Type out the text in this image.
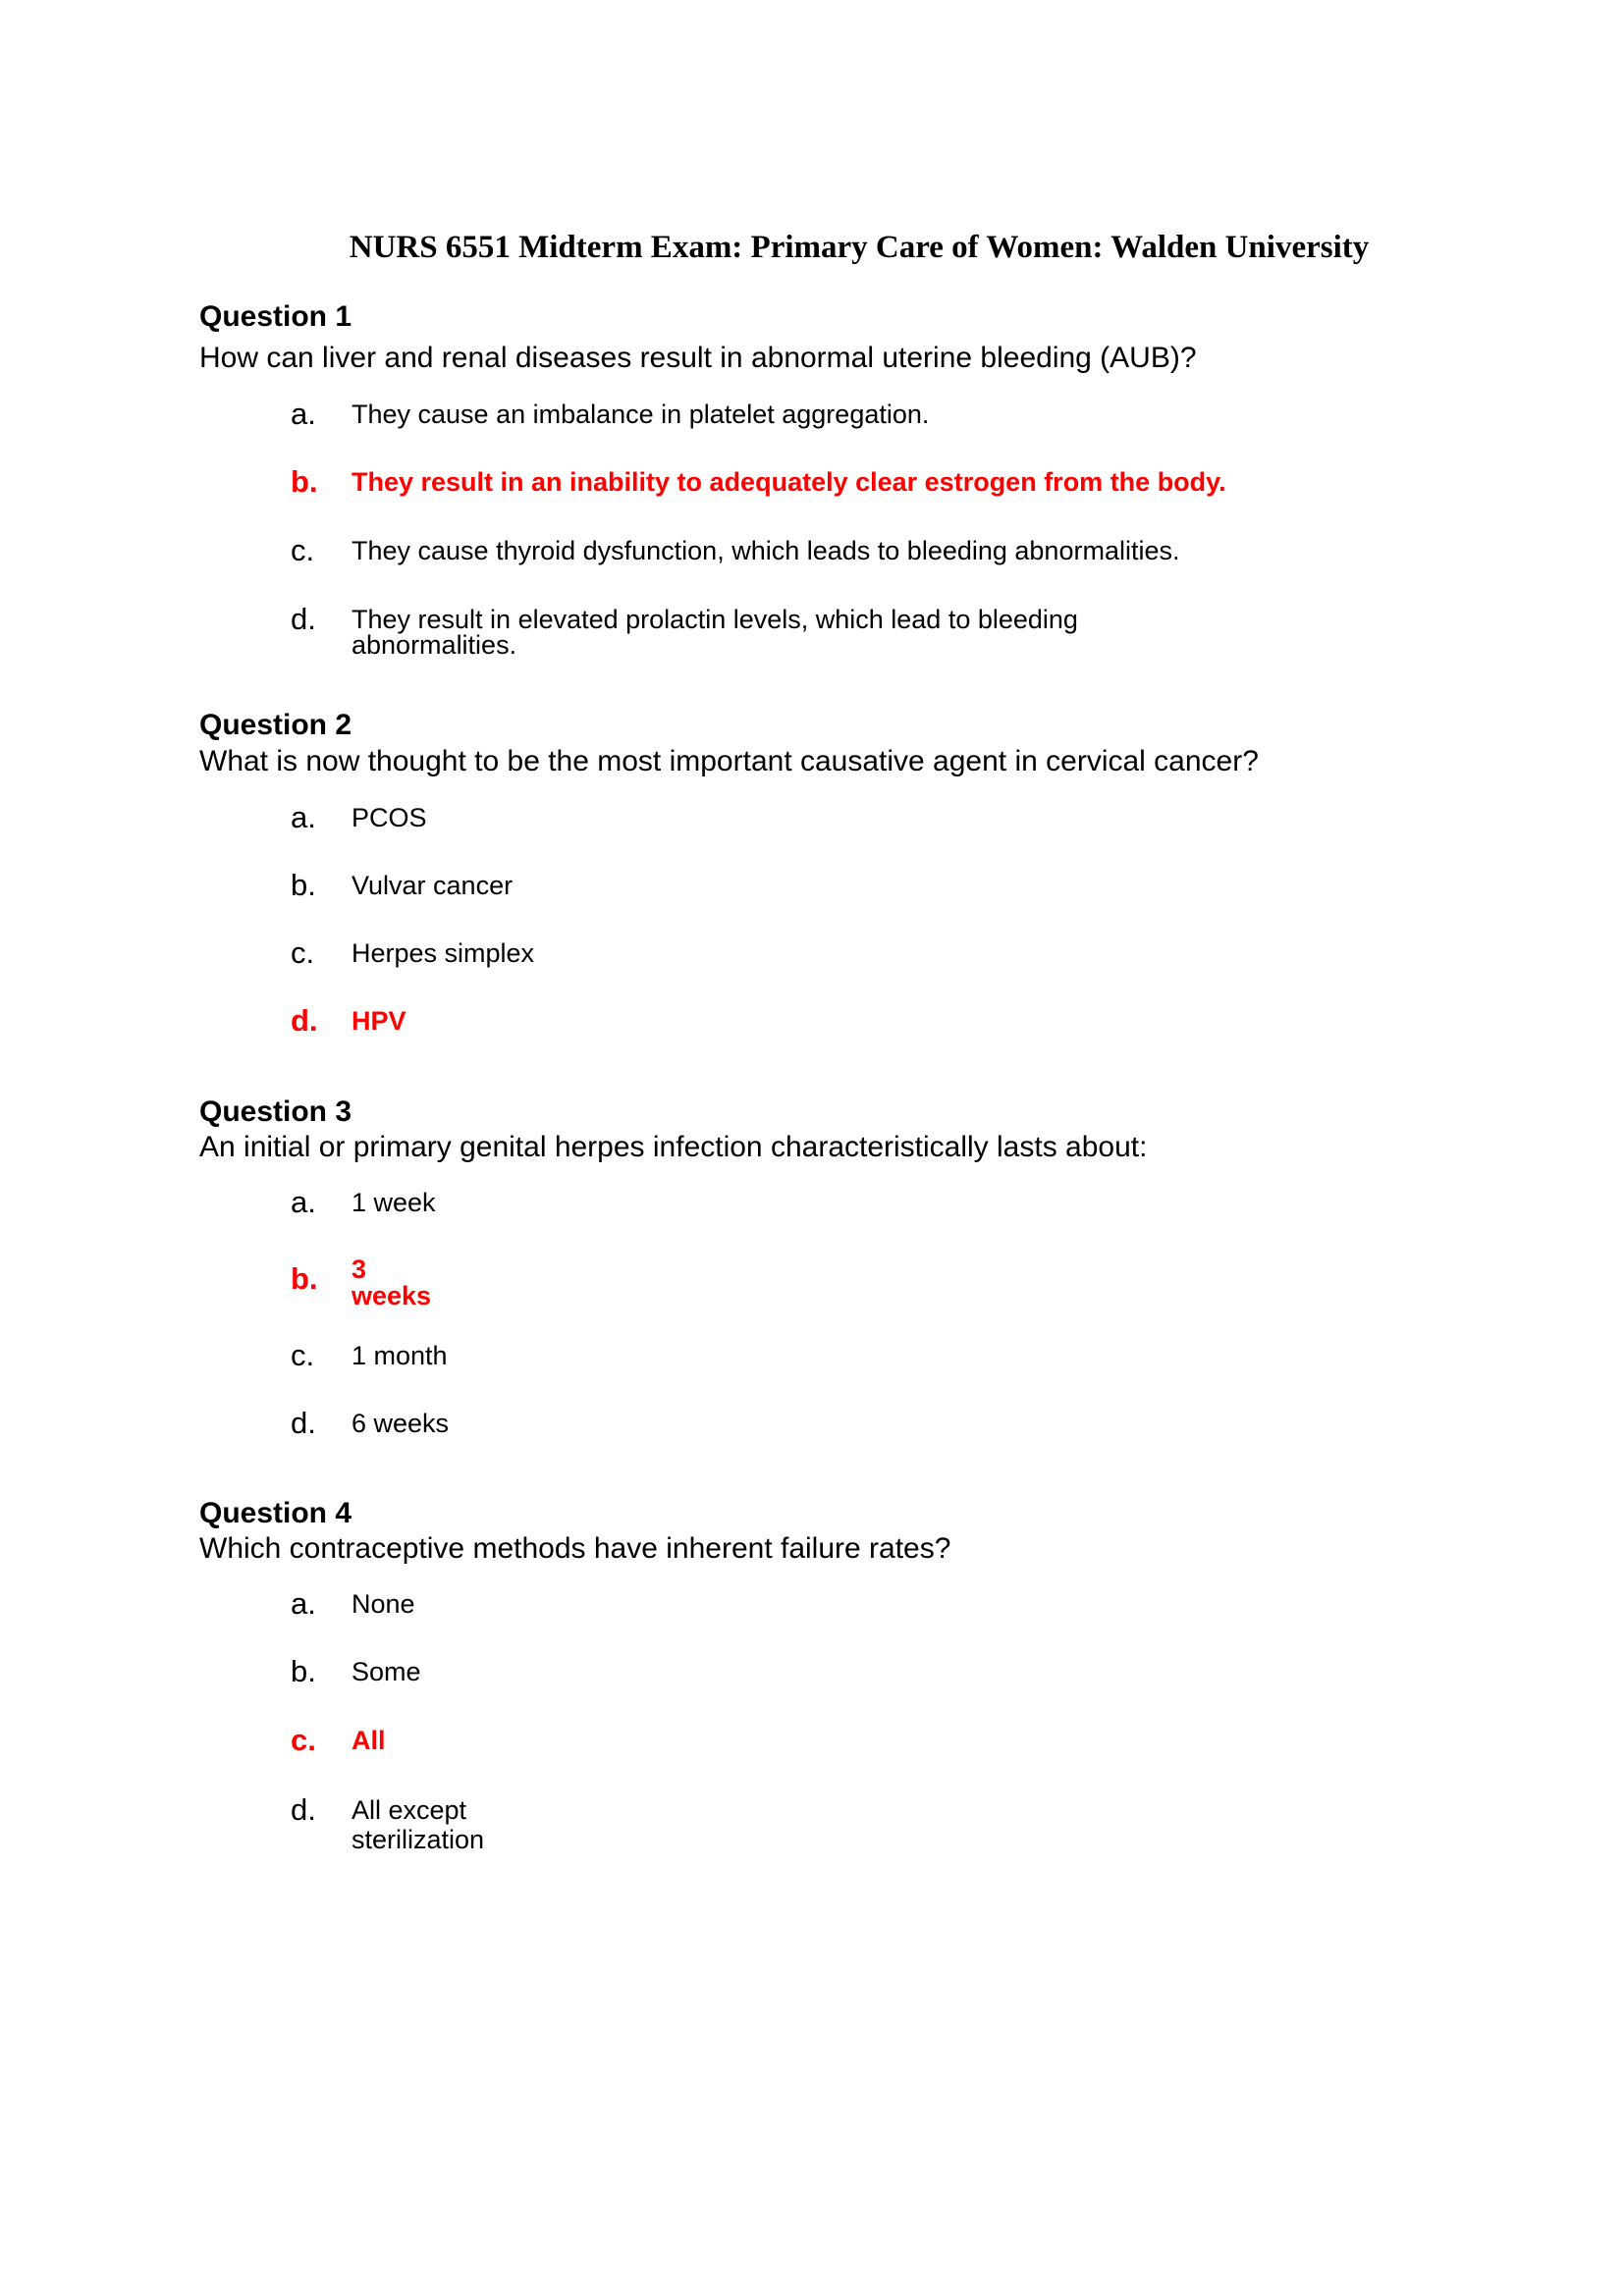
NURS 6551 Midterm Exam: Primary Care of Women: Walden University
Question 1
How can liver and renal diseases result in abnormal uterine bleeding (AUB)?
a. They cause an imbalance in platelet aggregation.
b. They result in an inability to adequately clear estrogen from the body.
c. They cause thyroid dysfunction, which leads to bleeding abnormalities.
d. They result in elevated prolactin levels, which lead to bleeding
abnormalities.
Question 2
What is now thought to be the most important causative agent in cervical cancer?
a. PCOS
b. Vulvar cancer
c. Herpes simplex
d. HPV
Question 3
An initial or primary genital herpes infection characteristically lasts about:
a. 1 week
b. 3
weeks
c. 1 month
d. 6 weeks
Question 4
Which contraceptive methods have inherent failure rates?
a. None
b. Some
c. All
d. All except
sterilization
